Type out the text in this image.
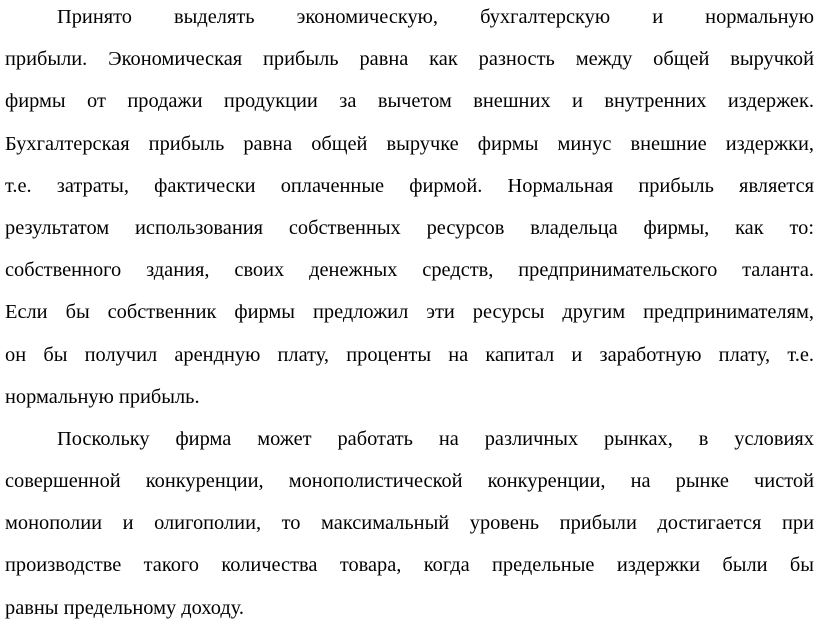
Принято выделять экономическую, бухгалтерскую и нормальную
прибыли. Экономическая прибыль равна как разность между общей выручкой
фирмы от продажи продукции за вычетом внешних и внутренних издержек.
Бухгалтерская прибыль равна общей выручке фирмы минус внешние издержки,
т.е. затраты, фактически оплаченные фирмой. Нормальная прибыль является
результатом использования собственных ресурсов владельца фирмы, как то:
собственного здания, своих денежных средств, предпринимательского таланта.
Если бы собственник фирмы предложил эти ресурсы другим предпринимателям,
он бы получил арендную плату, проценты на капитал и заработную плату, т.е.
нормальную прибыль.
Поскольку фирма может работать на различных рынках, в условиях
совершенной конкуренции, монополистической конкуренции, на рынке чистой
монополии и олигополии, то максимальный уровень прибыли достигается при
производстве такого количества товара, когда предельные издержки были бы
равны предельному доходу.
